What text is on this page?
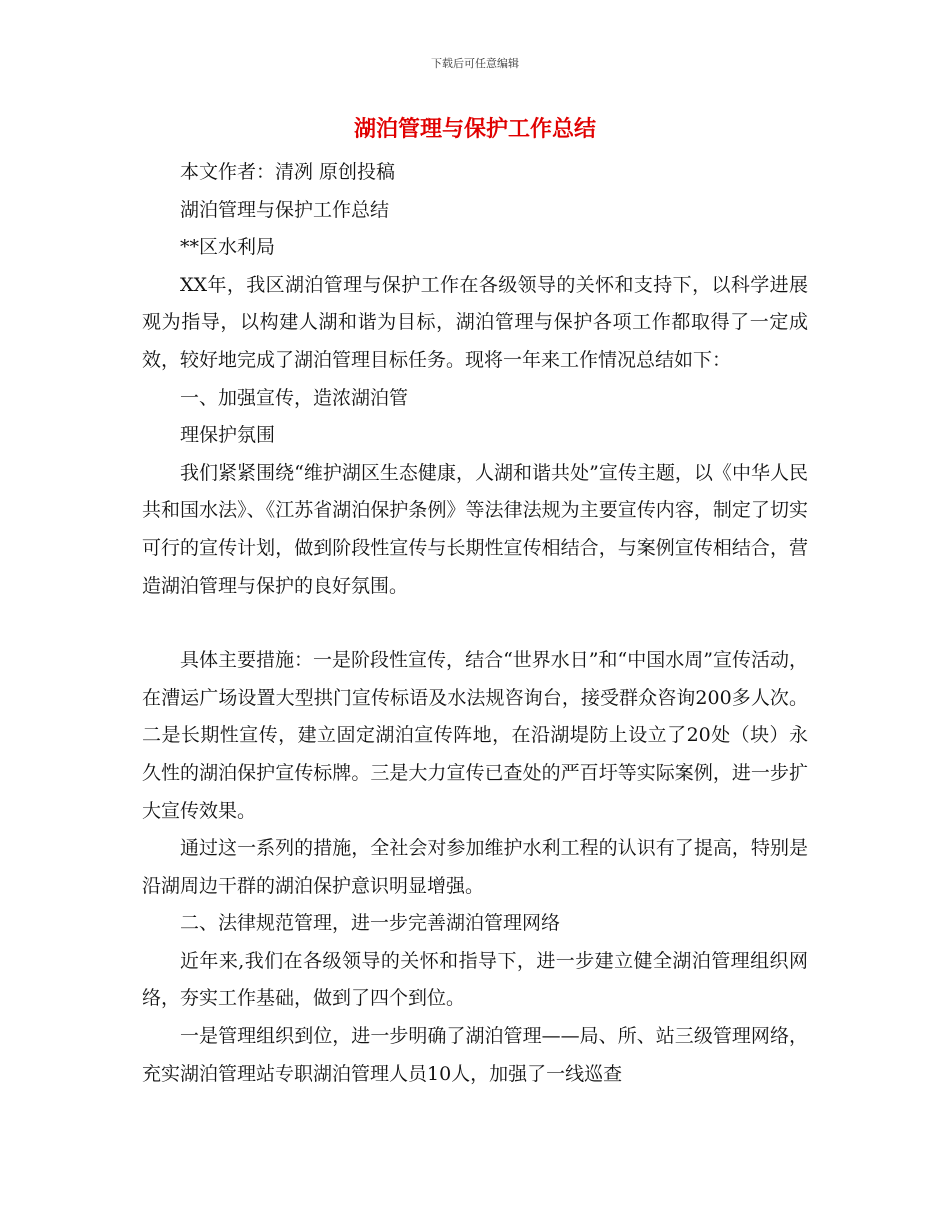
下载后可任意编辑
湖泊管理与保护工作总结

本文作者：清冽 原创投稿

湖泊管理与保护工作总结

**区水利局

XX年，我区湖泊管理与保护工作在各级领导的关怀和支持下，以科学进展观为指导，以构建人湖和谐为目标，湖泊管理与保护各项工作都取得了一定成效，较好地完成了湖泊管理目标任务。现将一年来工作情况总结如下：

一、加强宣传，造浓湖泊管

理保护氛围

我们紧紧围绕“维护湖区生态健康，人湖和谐共处”宣传主题，以《中华人民共和国水法》、《江苏省湖泊保护条例》等法律法规为主要宣传内容，制定了切实可行的宣传计划，做到阶段性宣传与长期性宣传相结合，与案例宣传相结合，营造湖泊管理与保护的良好氛围。

具体主要措施：一是阶段性宣传，结合“世界水日”和“中国水周”宣传活动，在漕运广场设置大型拱门宣传标语及水法规咨询台，接受群众咨询200多人次。二是长期性宣传，建立固定湖泊宣传阵地，在沿湖堤防上设立了20处（块）永久性的湖泊保护宣传标牌。三是大力宣传已查处的严百圩等实际案例，进一步扩大宣传效果。

通过这一系列的措施，全社会对参加维护水利工程的认识有了提高，特别是沿湖周边干群的湖泊保护意识明显增强。

二、法律规范管理，进一步完善湖泊管理网络

近年来,我们在各级领导的关怀和指导下，进一步建立健全湖泊管理组织网络，夯实工作基础，做到了四个到位。

一是管理组织到位，进一步明确了湖泊管理——局、所、站三级管理网络，充实湖泊管理站专职湖泊管理人员10人，加强了一线巡查
